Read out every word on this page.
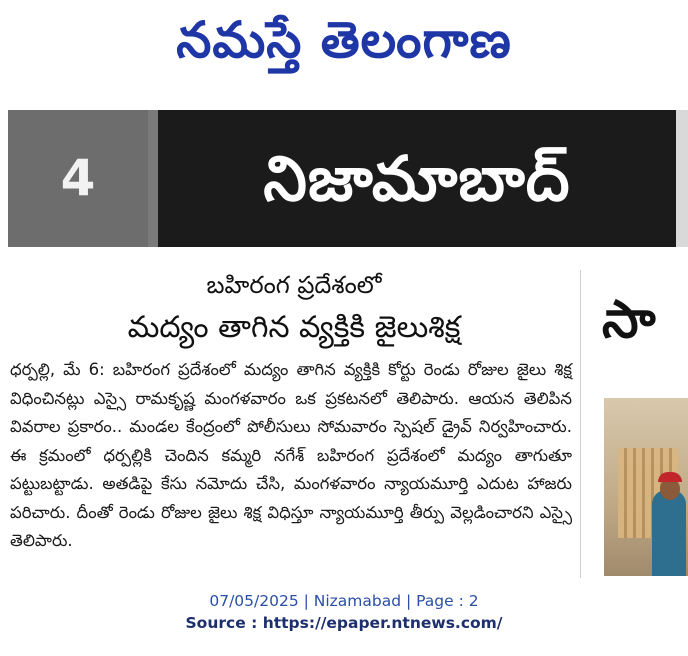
నమస్తే తెలంగాణ
4	నిజామాబాద్
బహిరంగ ప్రదేశంలో
మద్యం తాగిన వ్యక్తికి జైలుశిక్ష

ధర్పల్లి, మే 6: బహిరంగ ప్రదేశంలో మద్యం తాగిన వ్యక్తికి కోర్టు రెండు రోజుల జైలు శిక్ష విధించినట్లు ఎస్సై రామకృష్ణ మంగళవారం ఒక ప్రకటనలో తెలిపారు. ఆయన తెలిపిన వివరాల ప్రకారం.. మండల కేంద్రంలో పోలీసులు సోమవారం స్పెషల్ డ్రైవ్ నిర్వహించారు. ఈ క్రమంలో ధర్పల్లికి చెందిన కమ్మరి నగేశ్ బహిరంగ ప్రదేశంలో మద్యం తాగుతూ పట్టుబట్టాడు. అతడిపై కేసు నమోదు చేసి, మంగళవారం న్యాయమూర్తి ఎదుట హాజరు పరిచారు. దీంతో రెండు రోజుల జైలు శిక్ష విధిస్తూ న్యాయమూర్తి తీర్పు వెల్లడించారని ఎస్సై తెలిపారు.

సా
07/05/2025 | Nizamabad | Page : 2
Source : https://epaper.ntnews.com/
